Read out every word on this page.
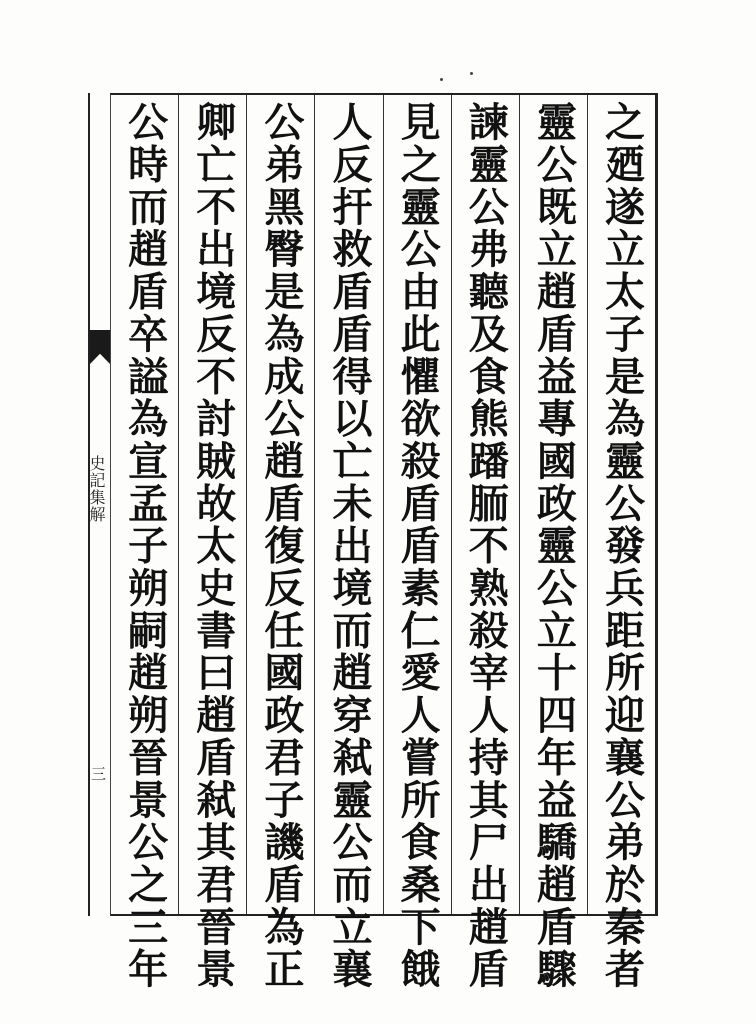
史記集解
三	之廼遂立太子是為靈公發兵距所迎襄公弟於秦者
靈公既立趙盾益專國政靈公立十四年益驕趙盾驟
諫靈公弗聽及食熊蹯胹不熟殺宰人持其尸出趙盾
見之靈公由此懼欲殺盾盾素仁愛人嘗所食桑下餓
人反扞救盾盾得以亡未出境而趙穿弒靈公而立襄
公弟黑臀是為成公趙盾復反任國政君子譏盾為正
卿亡不出境反不討賊故太史書曰趙盾弒其君晉景
公時而趙盾卒謚為宣孟子朔嗣趙朔晉景公之三年
